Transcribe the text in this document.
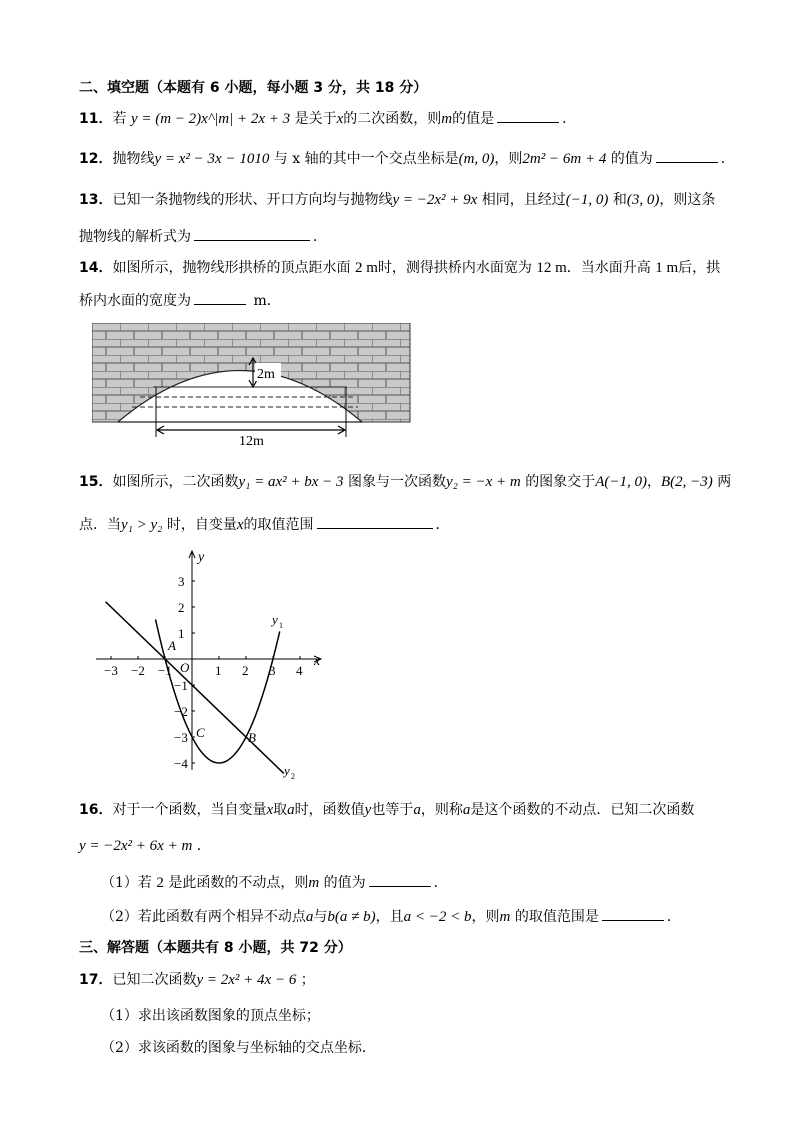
二、填空题（本题有 6 小题，每小题 3 分，共 18 分）
11．若 y = (m − 2)x^|m| + 2x + 3 是关于x的二次函数，则m的值是	．
12．抛物线y = x² − 3x − 1010 与 x 轴的其中一个交点坐标是(m, 0)，则2m² − 6m + 4 的值为	．
13．已知一条抛物线的形状、开口方向均与抛物线y = −2x² + 9x 相同，且经过(−1, 0) 和(3, 0)，则这条
抛物线的解析式为	．
14．如图所示，抛物线形拱桥的顶点距水面 2 m时，测得拱桥内水面宽为 12 m．当水面升高 1 m后，拱
桥内水面的宽度为	m．
2m
12m
15．如图所示，二次函数y₁ = ax² + bx − 3 图象与一次函数y₂ = −x + m 的图象交于A(−1, 0)，B(2, −3) 两
点．当y₁ > y₂ 时，自变量x的取值范围	．
x
y
O
−3 −2 −1	1 2 3 4
3
2
1
−1
−2
−3
−4
A
B
C
y 1
y 2
16．对于一个函数，当自变量x取a时，函数值y也等于a，则称a是这个函数的不动点．已知二次函数
y = −2x² + 6x + m ．
（1）若 2 是此函数的不动点，则m 的值为	．
（2）若此函数有两个相异不动点a与b(a ≠ b)，且a < −2 < b，则m 的取值范围是	．
三、解答题（本题共有 8 小题，共 72 分）
17．已知二次函数y = 2x² + 4x − 6 ；
（1）求出该函数图象的顶点坐标；
（2）求该函数的图象与坐标轴的交点坐标．
